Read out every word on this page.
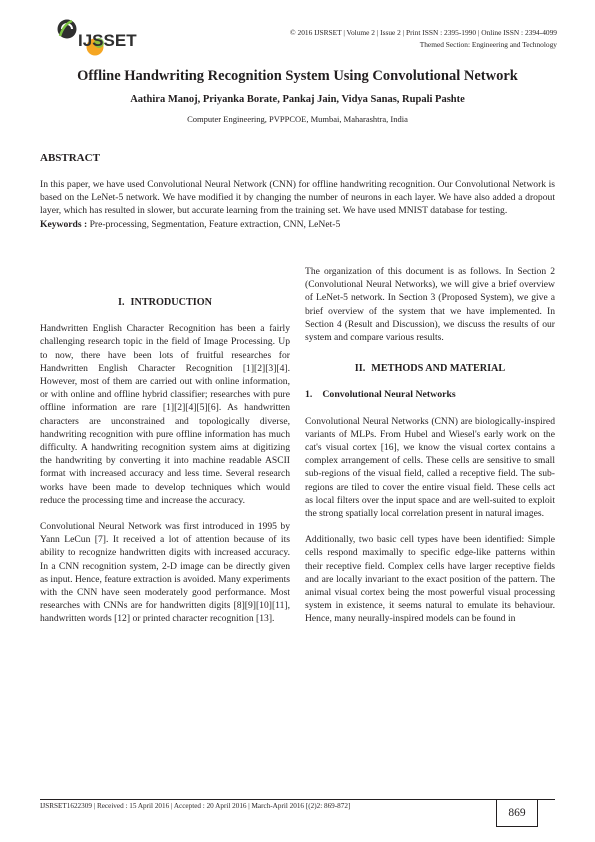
IJSSET	© 2016 IJSRSET | Volume 2 | Issue 2 | Print ISSN : 2395-1990 | Online ISSN : 2394-4099
Themed Section: Engineering and Technology
Offline Handwriting Recognition System Using Convolutional Network
Aathira Manoj, Priyanka Borate, Pankaj Jain, Vidya Sanas, Rupali Pashte
Computer Engineering, PVPPCOE, Mumbai, Maharashtra, India
ABSTRACT

In this paper, we have used Convolutional Neural Network (CNN) for offline handwriting recognition. Our Convolutional Network is based on the LeNet-5 network. We have modified it by changing the number of neurons in each layer. We have also added a dropout layer, which has resulted in slower, but accurate learning from the training set. We have used MNIST database for testing.

Keywords : Pre-processing, Segmentation, Feature extraction, CNN, LeNet-5

I. INTRODUCTION

Handwritten English Character Recognition has been a fairly challenging research topic in the field of Image Processing. Up to now, there have been lots of fruitful researches for Handwritten English Character Recognition [1][2][3][4]. However, most of them are carried out with online information, or with online and offline hybrid classifier; researches with pure offline information are rare [1][2][4][5][6]. As handwritten characters are unconstrained and topologically diverse, handwriting recognition with pure offline information has much difficulty. A handwriting recognition system aims at digitizing the handwriting by converting it into machine readable ASCII format with increased accuracy and less time. Several research works have been made to develop techniques which would reduce the processing time and increase the accuracy.

Convolutional Neural Network was first introduced in 1995 by Yann LeCun [7]. It received a lot of attention because of its ability to recognize handwritten digits with increased accuracy. In a CNN recognition system, 2-D image can be directly given as input. Hence, feature extraction is avoided. Many experiments with the CNN have seen moderately good performance. Most researches with CNNs are for handwritten digits [8][9][10][11], handwritten words [12] or printed character recognition [13].

The organization of this document is as follows. In Section 2 (Convolutional Neural Networks), we will give a brief overview of LeNet-5 network. In Section 3 (Proposed System), we give a brief overview of the system that we have implemented. In Section 4 (Result and Discussion), we discuss the results of our system and compare various results.

II. METHODS AND MATERIAL
1. Convolutional Neural Networks

Convolutional Neural Networks (CNN) are biologically-inspired variants of MLPs. From Hubel and Wiesel's early work on the cat's visual cortex [16], we know the visual cortex contains a complex arrangement of cells. These cells are sensitive to small sub-regions of the visual field, called a receptive field. The sub-regions are tiled to cover the entire visual field. These cells act as local filters over the input space and are well-suited to exploit the strong spatially local correlation present in natural images.

Additionally, two basic cell types have been identified: Simple cells respond maximally to specific edge-like patterns within their receptive field. Complex cells have larger receptive fields and are locally invariant to the exact position of the pattern. The animal visual cortex being the most powerful visual processing system in existence, it seems natural to emulate its behaviour. Hence, many neurally-inspired models can be found in

IJSRSET1622309 | Received : 15 April 2016 | Accepted : 20 April 2016 | March-April 2016 [(2)2: 869-872]
869
